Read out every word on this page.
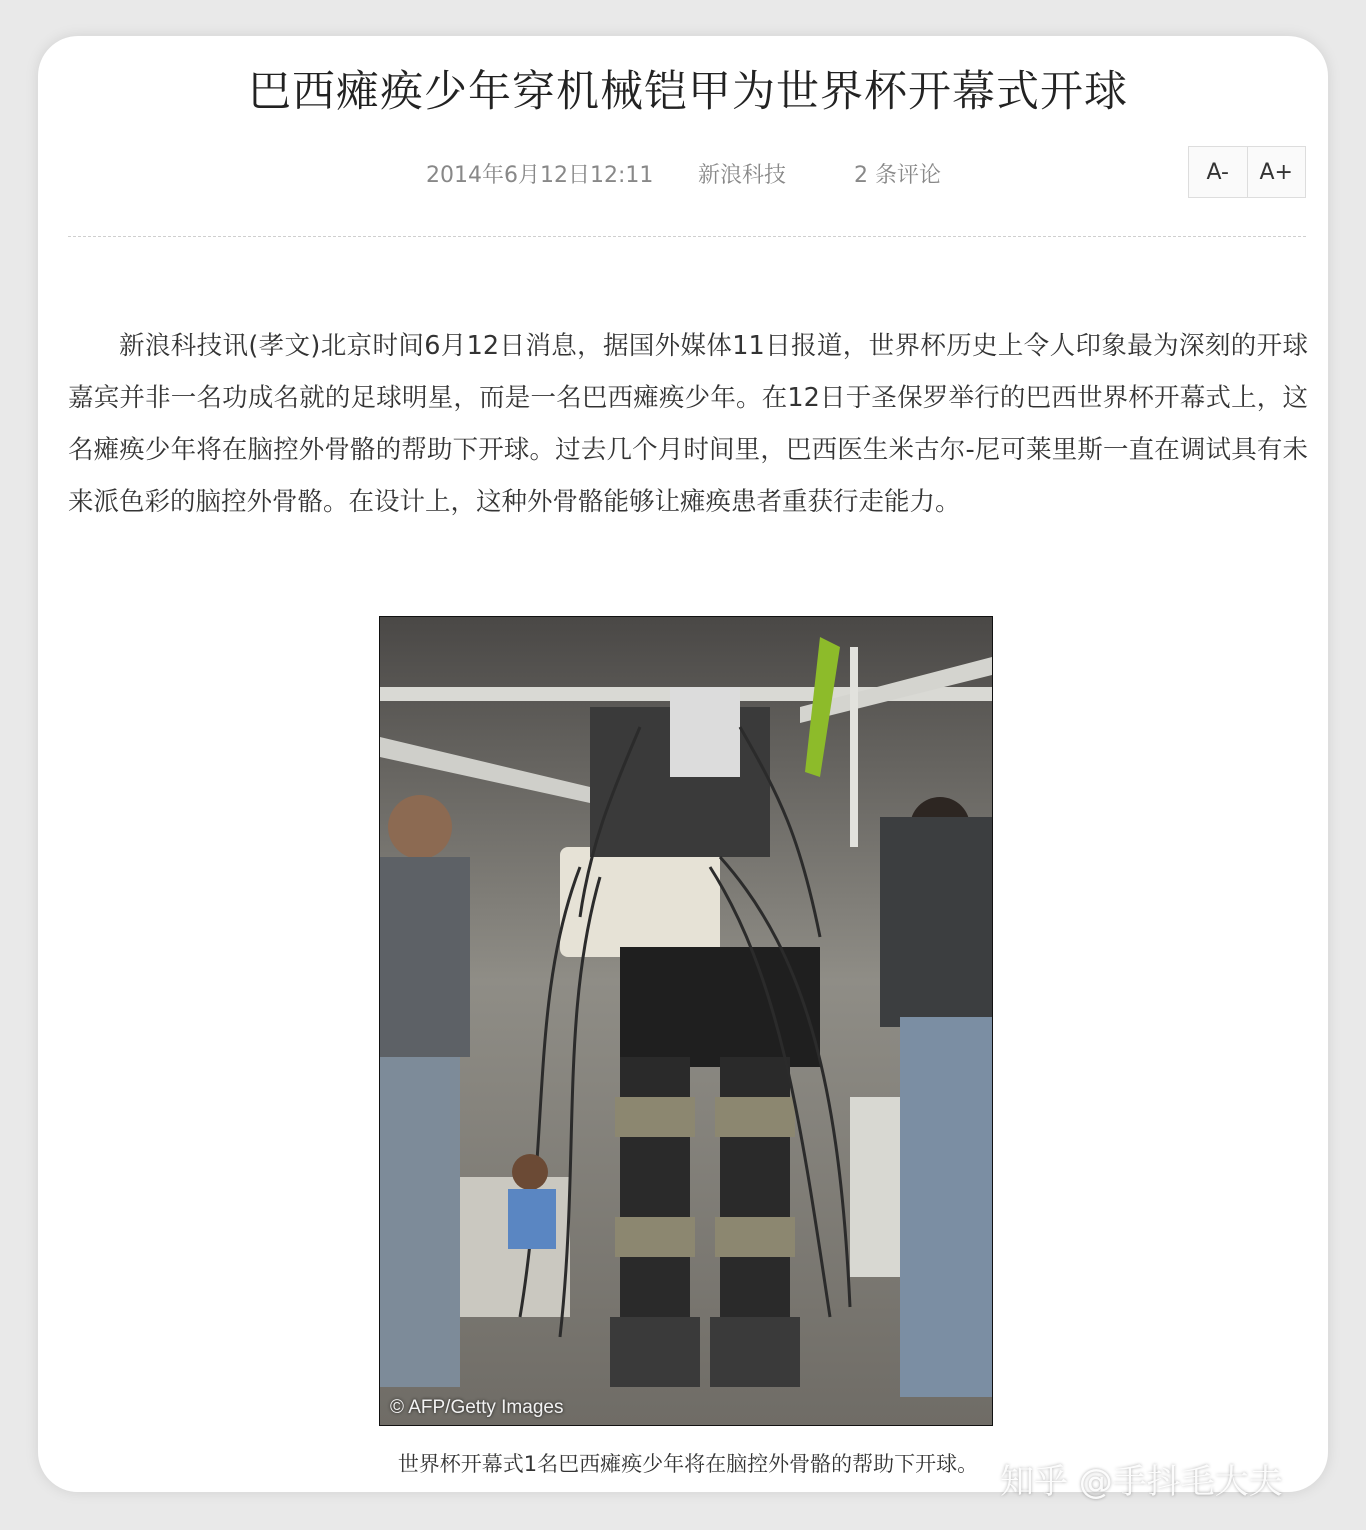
巴西瘫痪少年穿机械铠甲为世界杯开幕式开球
2014年6月12日12:11 新浪科技	2 条评论	A-	A+

新浪科技讯(孝文)北京时间6月12日消息，据国外媒体11日报道，世界杯历史上令人印象最为深刻的开球嘉宾并非一名功成名就的足球明星，而是一名巴西瘫痪少年。在12日于圣保罗举行的巴西世界杯开幕式上，这名瘫痪少年将在脑控外骨骼的帮助下开球。过去几个月时间里，巴西医生米古尔-尼可莱里斯一直在调试具有未来派色彩的脑控外骨骼。在设计上，这种外骨骼能够让瘫痪患者重获行走能力。

© AFP/Getty Images
世界杯开幕式1名巴西瘫痪少年将在脑控外骨骼的帮助下开球。 知乎 @手抖毛大夫
